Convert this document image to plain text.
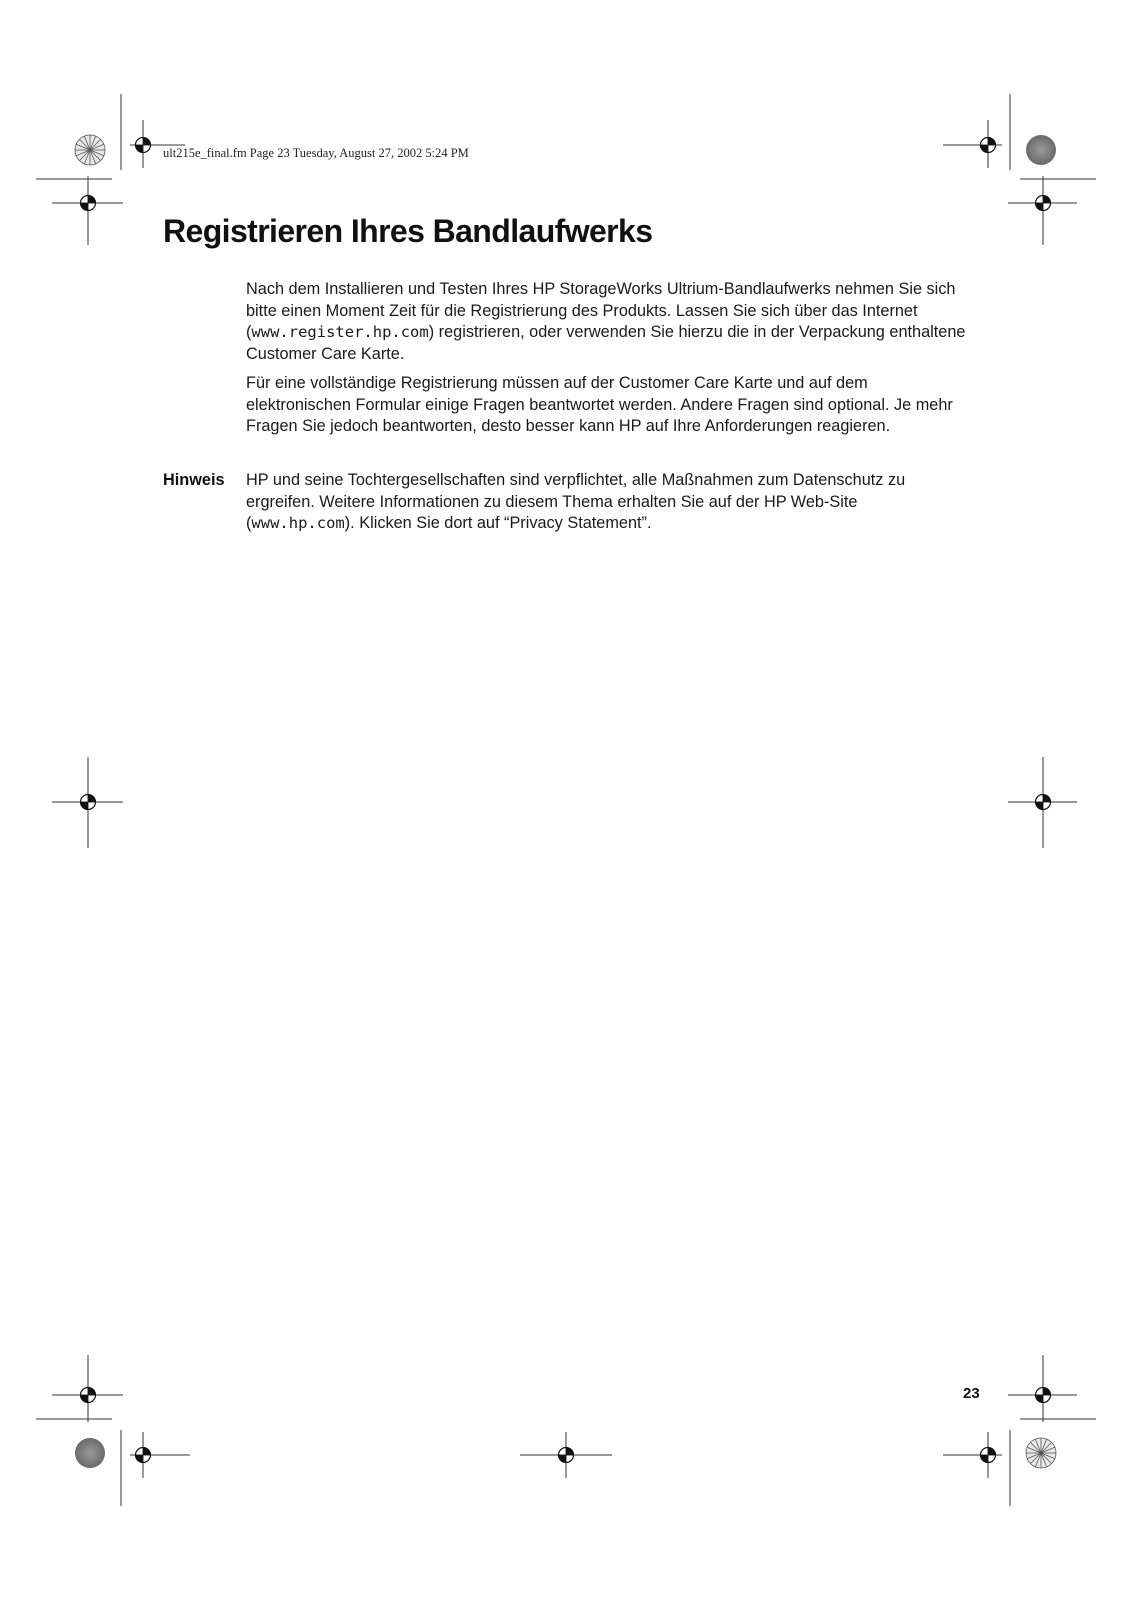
ult215e_final.fm Page 23 Tuesday, August 27, 2002 5:24 PM
Registrieren Ihres Bandlaufwerks

Nach dem Installieren und Testen Ihres HP StorageWorks Ultrium-Bandlaufwerks nehmen Sie sich bitte einen Moment Zeit für die Registrierung des Produkts. Lassen Sie sich über das Internet (www.register.hp.com) registrieren, oder verwenden Sie hierzu die in der Verpackung enthaltene Customer Care Karte.

Für eine vollständige Registrierung müssen auf der Customer Care Karte und auf dem elektronischen Formular einige Fragen beantwortet werden. Andere Fragen sind optional. Je mehr Fragen Sie jedoch beantworten, desto besser kann HP auf Ihre Anforderungen reagieren.

Hinweis HP und seine Tochtergesellschaften sind verpflichtet, alle Maßnahmen zum Datenschutz zu ergreifen. Weitere Informationen zu diesem Thema erhalten Sie auf der HP Web-Site (www.hp.com). Klicken Sie dort auf “Privacy Statement”.
23
